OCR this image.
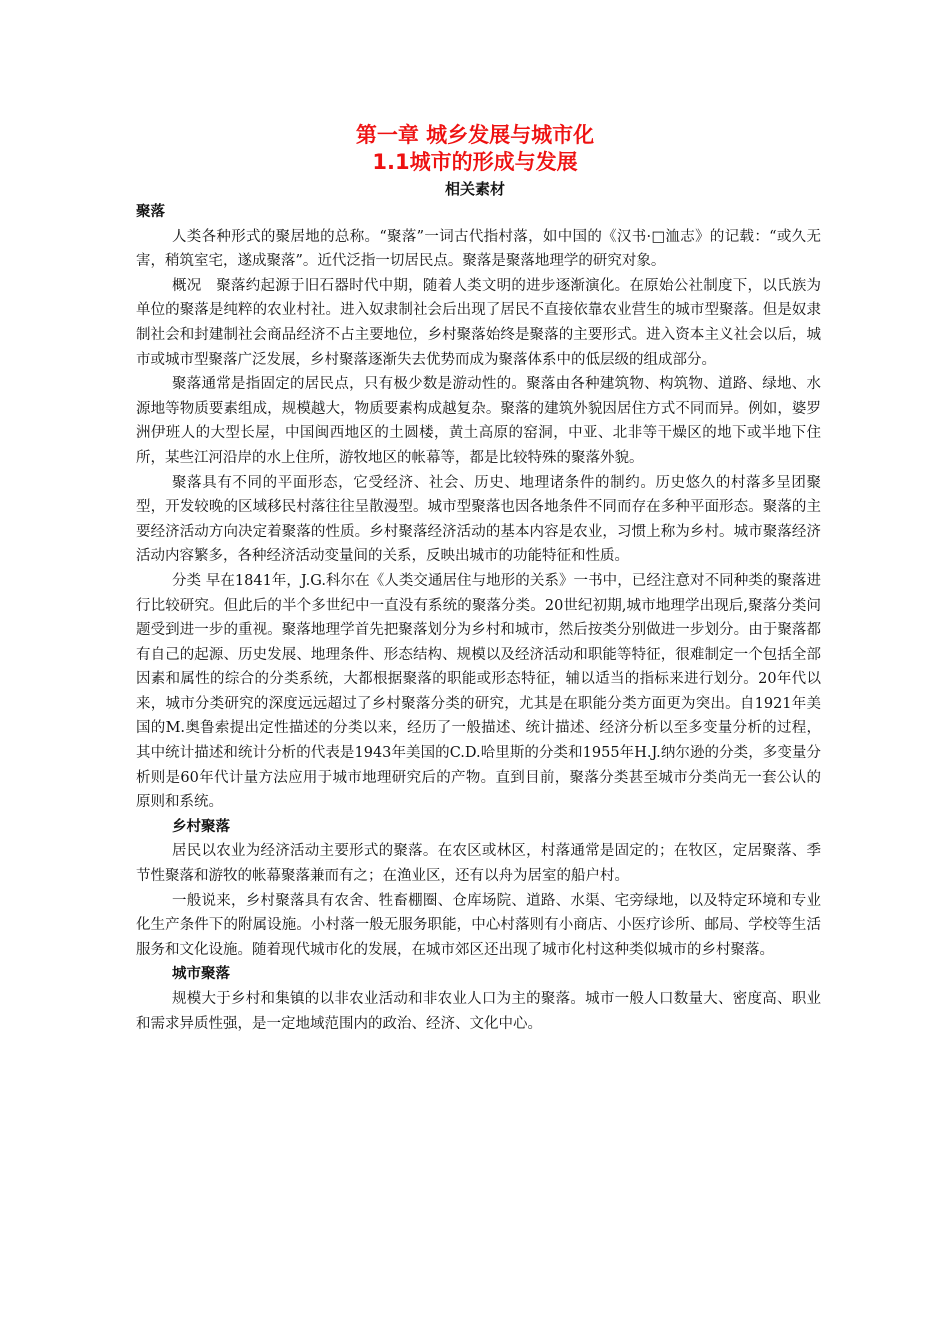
第一章 城乡发展与城市化
1.1城市的形成与发展
相关素材
聚落

人类各种形式的聚居地的总称。“聚落”一词古代指村落，如中国的《汉书·□洫志》的记载：“或久无害，稍筑室宅，遂成聚落”。近代泛指一切居民点。聚落是聚落地理学的研究对象。

概况　聚落约起源于旧石器时代中期，随着人类文明的进步逐渐演化。在原始公社制度下，以氏族为单位的聚落是纯粹的农业村社。进入奴隶制社会后出现了居民不直接依靠农业营生的城市型聚落。但是奴隶制社会和封建制社会商品经济不占主要地位，乡村聚落始终是聚落的主要形式。进入资本主义社会以后，城市或城市型聚落广泛发展，乡村聚落逐渐失去优势而成为聚落体系中的低层级的组成部分。

聚落通常是指固定的居民点，只有极少数是游动性的。聚落由各种建筑物、构筑物、道路、绿地、水源地等物质要素组成，规模越大，物质要素构成越复杂。聚落的建筑外貌因居住方式不同而异。例如，婆罗洲伊班人的大型长屋，中国闽西地区的土圆楼，黄土高原的窑洞，中亚、北非等干燥区的地下或半地下住所，某些江河沿岸的水上住所，游牧地区的帐幕等，都是比较特殊的聚落外貌。

聚落具有不同的平面形态，它受经济、社会、历史、地理诸条件的制约。历史悠久的村落多呈团聚型，开发较晚的区域移民村落往往呈散漫型。城市型聚落也因各地条件不同而存在多种平面形态。聚落的主要经济活动方向决定着聚落的性质。乡村聚落经济活动的基本内容是农业，习惯上称为乡村。城市聚落经济活动内容繁多，各种经济活动变量间的关系，反映出城市的功能特征和性质。

分类 早在1841年，J.G.科尔在《人类交通居住与地形的关系》一书中，已经注意对不同种类的聚落进行比较研究。但此后的半个多世纪中一直没有系统的聚落分类。20世纪初期,城市地理学出现后,聚落分类问题受到进一步的重视。聚落地理学首先把聚落划分为乡村和城市，然后按类分别做进一步划分。由于聚落都有自己的起源、历史发展、地理条件、形态结构、规模以及经济活动和职能等特征，很难制定一个包括全部因素和属性的综合的分类系统，大都根据聚落的职能或形态特征，辅以适当的指标来进行划分。20年代以来，城市分类研究的深度远远超过了乡村聚落分类的研究，尤其是在职能分类方面更为突出。自1921年美国的M.奥鲁索提出定性描述的分类以来，经历了一般描述、统计描述、经济分析以至多变量分析的过程，其中统计描述和统计分析的代表是1943年美国的C.D.哈里斯的分类和1955年H.J.纳尔逊的分类，多变量分析则是60年代计量方法应用于城市地理研究后的产物。直到目前，聚落分类甚至城市分类尚无一套公认的原则和系统。

乡村聚落

居民以农业为经济活动主要形式的聚落。在农区或林区，村落通常是固定的；在牧区，定居聚落、季节性聚落和游牧的帐幕聚落兼而有之；在渔业区，还有以舟为居室的船户村。

一般说来，乡村聚落具有农舍、牲畜棚圈、仓库场院、道路、水渠、宅旁绿地，以及特定环境和专业化生产条件下的附属设施。小村落一般无服务职能，中心村落则有小商店、小医疗诊所、邮局、学校等生活服务和文化设施。随着现代城市化的发展，在城市郊区还出现了城市化村这种类似城市的乡村聚落。

城市聚落

规模大于乡村和集镇的以非农业活动和非农业人口为主的聚落。城市一般人口数量大、密度高、职业和需求异质性强，是一定地域范围内的政治、经济、文化中心。
